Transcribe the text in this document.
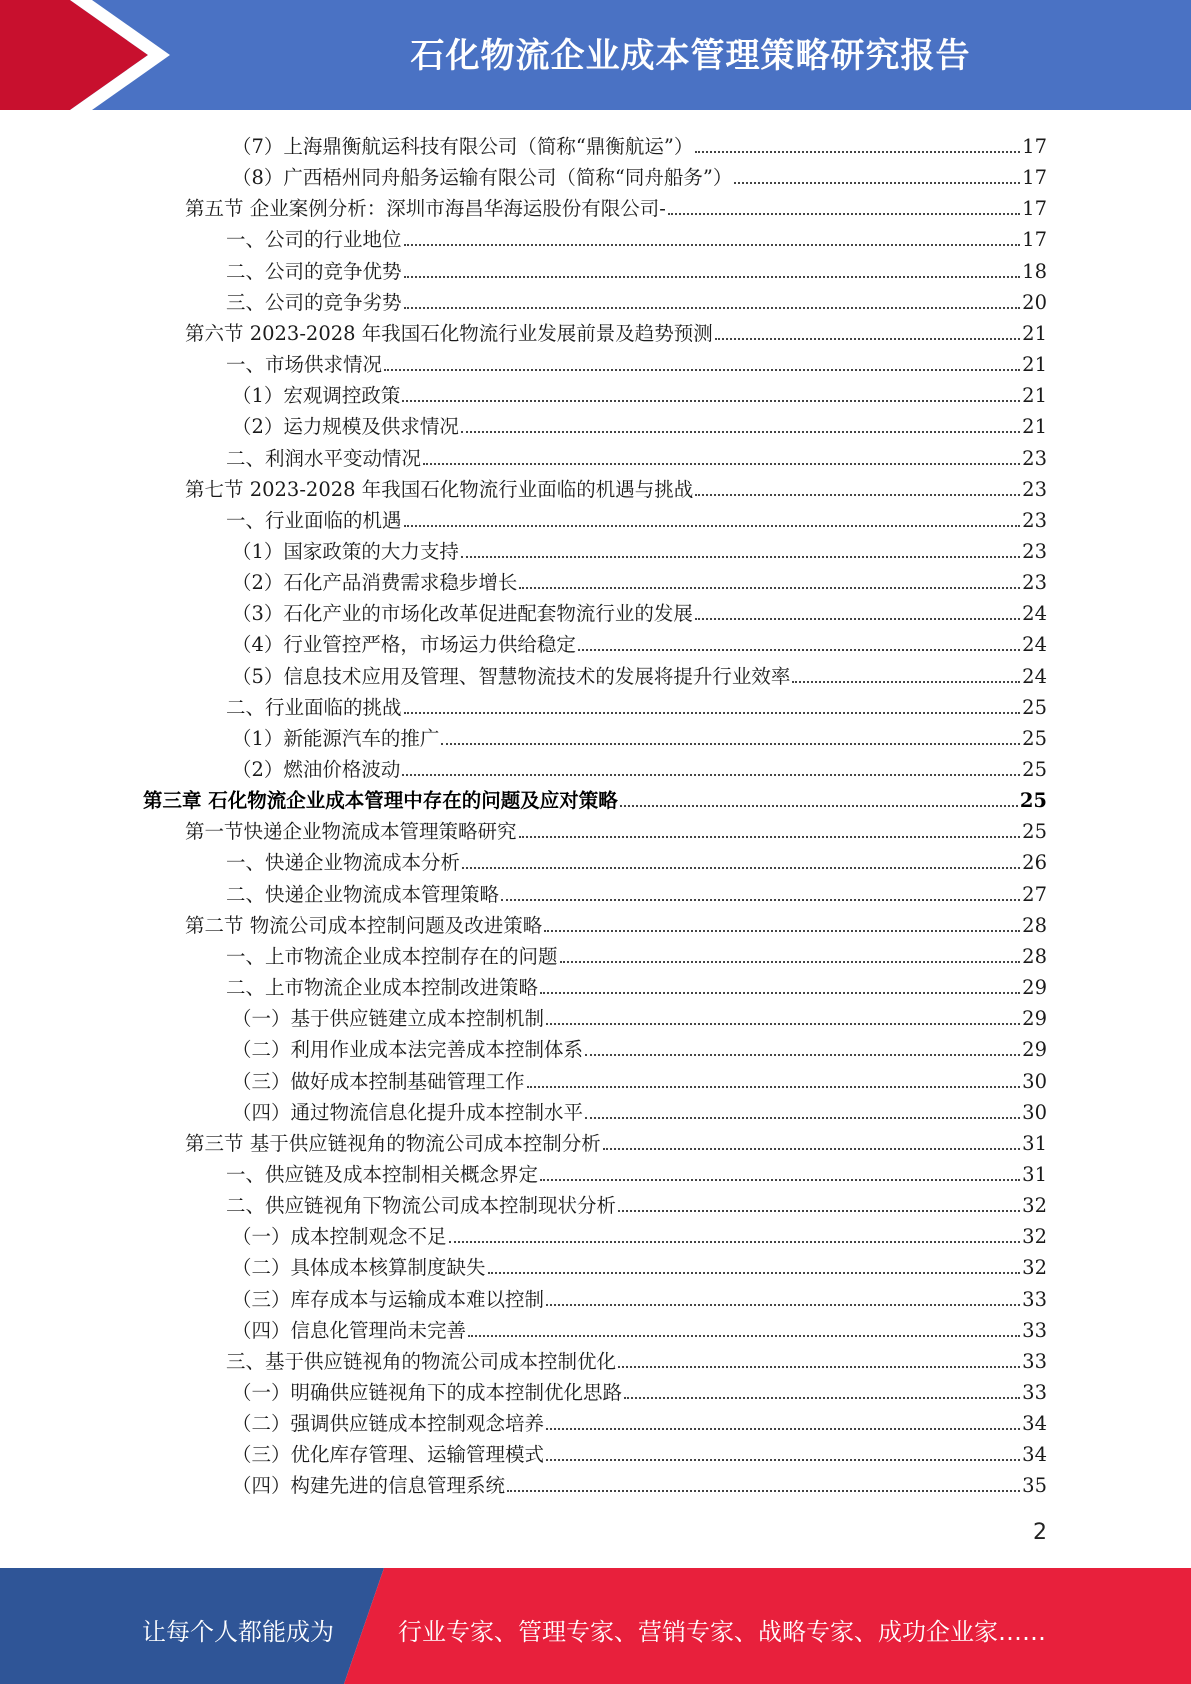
石化物流企业成本管理策略研究报告
（7）上海鼎衡航运科技有限公司（简称“鼎衡航运”）	17
（8）广西梧州同舟船务运输有限公司（简称“同舟船务”）	17
第五节 企业案例分析：深圳市海昌华海运股份有限公司-	17
一、公司的行业地位	17
二、公司的竞争优势	18
三、公司的竞争劣势	20
第六节 2023-2028 年我国石化物流行业发展前景及趋势预测	21
一、市场供求情况	21
（1）宏观调控政策	21
（2）运力规模及供求情况	21
二、利润水平变动情况	23
第七节 2023-2028 年我国石化物流行业面临的机遇与挑战	23
一、行业面临的机遇	23
（1）国家政策的大力支持	23
（2）石化产品消费需求稳步增长	23
（3）石化产业的市场化改革促进配套物流行业的发展	24
（4）行业管控严格，市场运力供给稳定	24
（5）信息技术应用及管理、智慧物流技术的发展将提升行业效率	24
二、行业面临的挑战	25
（1）新能源汽车的推广	25
（2）燃油价格波动	25
第三章 石化物流企业成本管理中存在的问题及应对策略	25
第一节快递企业物流成本管理策略研究	25
一、快递企业物流成本分析	26
二、快递企业物流成本管理策略	27
第二节 物流公司成本控制问题及改进策略	28
一、上市物流企业成本控制存在的问题	28
二、上市物流企业成本控制改进策略	29
（一）基于供应链建立成本控制机制	29
（二）利用作业成本法完善成本控制体系	29
（三）做好成本控制基础管理工作	30
（四）通过物流信息化提升成本控制水平	30
第三节 基于供应链视角的物流公司成本控制分析	31
一、供应链及成本控制相关概念界定	31
二、供应链视角下物流公司成本控制现状分析	32
（一）成本控制观念不足	32
（二）具体成本核算制度缺失	32
（三）库存成本与运输成本难以控制	33
（四）信息化管理尚未完善	33
三、基于供应链视角的物流公司成本控制优化	33
（一）明确供应链视角下的成本控制优化思路	33
（二）强调供应链成本控制观念培养	34
（三）优化库存管理、运输管理模式	34
（四）构建先进的信息管理系统	35
2
让每个人都能成为	行业专家、管理专家、营销专家、战略专家、成功企业家……
